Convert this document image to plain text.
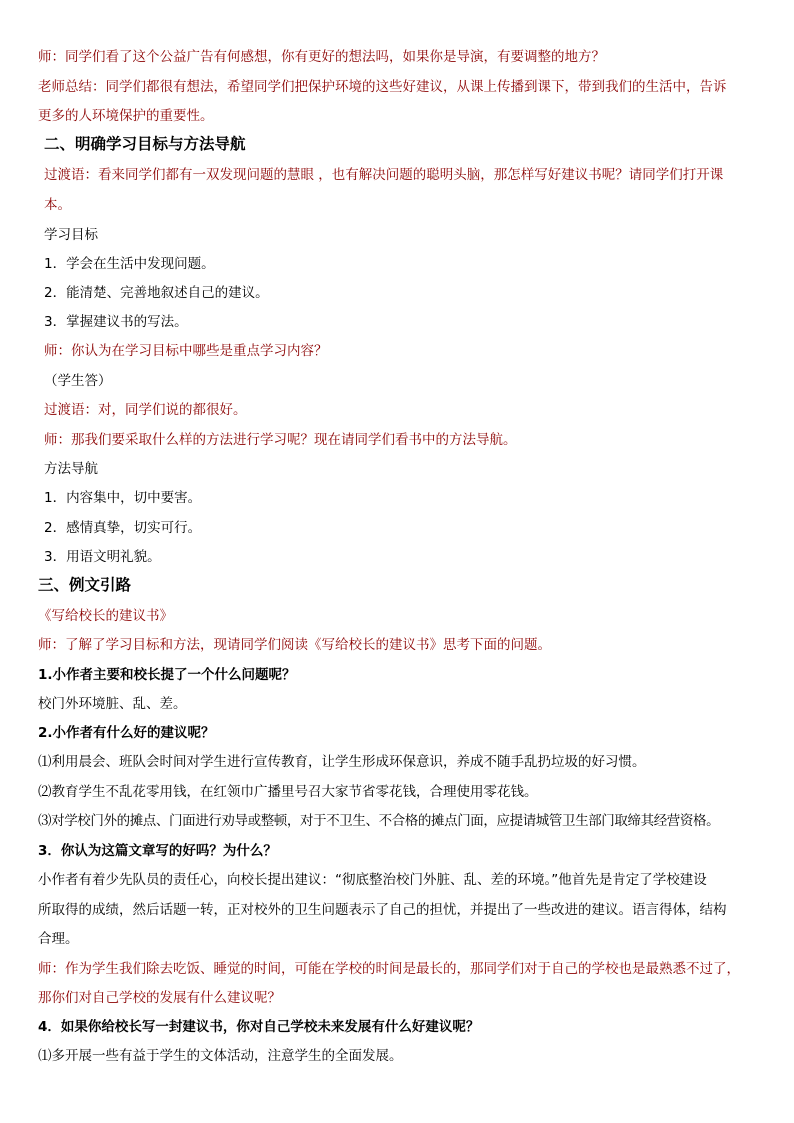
师：同学们看了这个公益广告有何感想，你有更好的想法吗，如果你是导演，有要调整的地方？
老师总结：同学们都很有想法，希望同学们把保护环境的这些好建议，从课上传播到课下，带到我们的生活中，告诉
更多的人环境保护的重要性。
二、明确学习目标与方法导航
过渡语：看来同学们都有一双发现问题的慧眼 ，也有解决问题的聪明头脑，那怎样写好建议书呢？请同学们打开课
本。
学习目标
1．学会在生活中发现问题。
2．能清楚、完善地叙述自己的建议。
3．掌握建议书的写法。
师：你认为在学习目标中哪些是重点学习内容？
（学生答）
过渡语：对，同学们说的都很好。
师：那我们要采取什么样的方法进行学习呢？现在请同学们看书中的方法导航。
方法导航
1．内容集中，切中要害。
2．感情真挚，切实可行。
3．用语文明礼貌。
三、例文引路
《写给校长的建议书》
师：了解了学习目标和方法，现请同学们阅读《写给校长的建议书》思考下面的问题。
1.小作者主要和校长提了一个什么问题呢？
校门外环境脏、乱、差。
2.小作者有什么好的建议呢？
⑴利用晨会、班队会时间对学生进行宣传教育，让学生形成环保意识，养成不随手乱扔垃圾的好习惯。
⑵教育学生不乱花零用钱，在红领巾广播里号召大家节省零花钱，合理使用零花钱。
⑶对学校门外的摊点、门面进行劝导或整顿，对于不卫生、不合格的摊点门面，应提请城管卫生部门取缔其经营资格。
3．你认为这篇文章写的好吗？为什么？
小作者有着少先队员的责任心，向校长提出建议：“彻底整治校门外脏、乱、差的环境。”他首先是肯定了学校建设
所取得的成绩，然后话题一转，正对校外的卫生问题表示了自己的担忧，并提出了一些改进的建议。语言得体，结构
合理。
师：作为学生我们除去吃饭、睡觉的时间，可能在学校的时间是最长的，那同学们对于自己的学校也是最熟悉不过了，
那你们对自己学校的发展有什么建议呢？
4．如果你给校长写一封建议书，你对自己学校未来发展有什么好建议呢？
⑴多开展一些有益于学生的文体活动，注意学生的全面发展。
